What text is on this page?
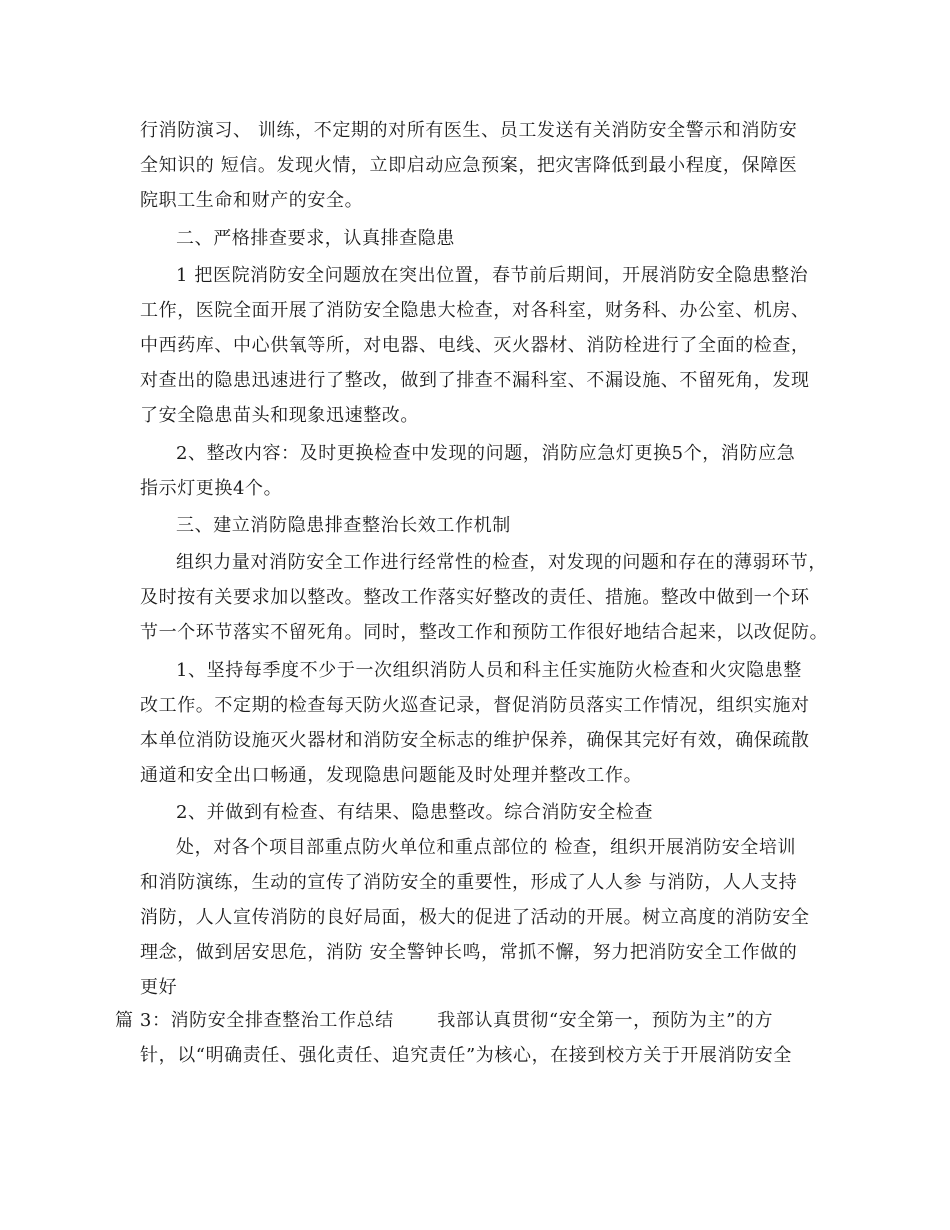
行消防演习、 训练，不定期的对所有医生、员工发送有关消防安全警示和消防安
全知识的 短信。发现火情，立即启动应急预案，把灾害降低到最小程度，保障医
院职工生命和财产的安全。
二、严格排查要求，认真排查隐患
1 把医院消防安全问题放在突出位置，春节前后期间，开展消防安全隐患整治
工作，医院全面开展了消防安全隐患大检查，对各科室，财务科、办公室、机房、
中西药库、中心供氧等所，对电器、电线、灭火器材、消防栓进行了全面的检查，
对查出的隐患迅速进行了整改，做到了排查不漏科室、不漏设施、不留死角，发现
了安全隐患苗头和现象迅速整改。
2、整改内容：及时更换检查中发现的问题，消防应急灯更换5个，消防应急
指示灯更换4个。
三、建立消防隐患排查整治长效工作机制
组织力量对消防安全工作进行经常性的检查，对发现的问题和存在的薄弱环节，
及时按有关要求加以整改。整改工作落实好整改的责任、措施。整改中做到一个环
节一个环节落实不留死角。同时，整改工作和预防工作很好地结合起来，以改促防。
1、坚持每季度不少于一次组织消防人员和科主任实施防火检查和火灾隐患整
改工作。不定期的检查每天防火巡查记录，督促消防员落实工作情况，组织实施对
本单位消防设施灭火器材和消防安全标志的维护保养，确保其完好有效，确保疏散
通道和安全出口畅通，发现隐患问题能及时处理并整改工作。
2、并做到有检查、有结果、隐患整改。综合消防安全检查
处，对各个项目部重点防火单位和重点部位的 检查，组织开展消防安全培训
和消防演练，生动的宣传了消防安全的重要性，形成了人人参 与消防，人人支持
消防，人人宣传消防的良好局面，极大的促进了活动的开展。树立高度的消防安全
理念，做到居安思危，消防 安全警钟长鸣，常抓不懈，努力把消防安全工作做的
更好
篇 3：消防安全排查整治工作总结　　 我部认真贯彻“安全第一，预防为主”的方
针，以“明确责任、强化责任、追究责任”为核心，在接到校方关于开展消防安全
